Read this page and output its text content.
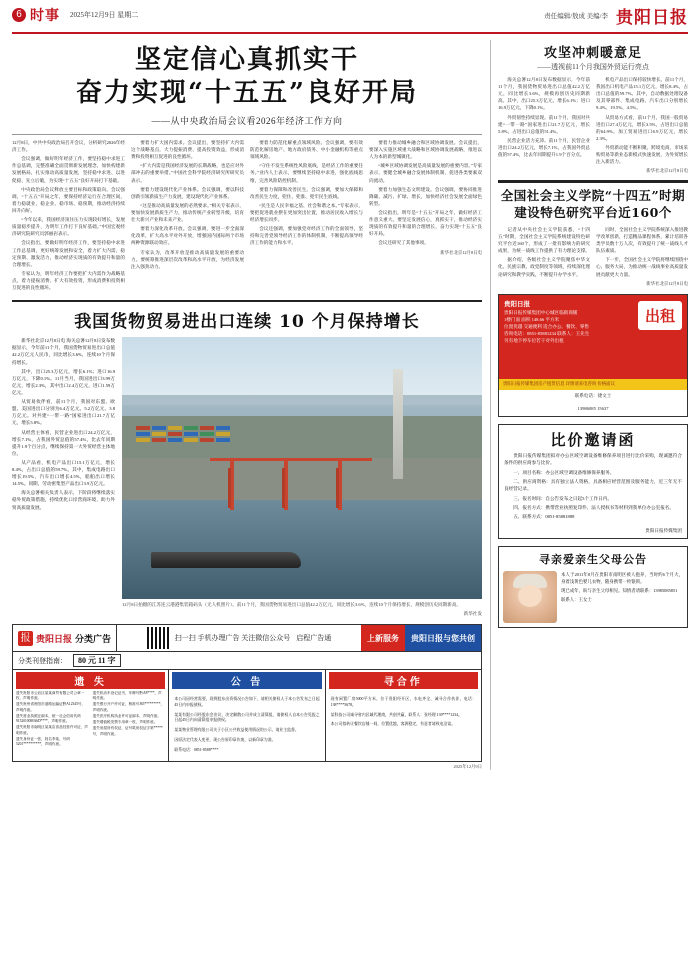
6 时事 2025年12月9日 星期二	责任编辑/敖成 美编/李 贵阳日报
坚定信心真抓实干
奋力实现“十五五”良好开局
——从中央政治局会议看2026年经济工作方向

12月8日，中共中央政治局召开会议，分析研究2026年经济工作。

会议强调，做好明年经济工作，要坚持稳中求进工作总基调，完整准确全面贯彻新发展理念，加快构建新发展格局，扎实推动高质量发展，坚持稳中求进、以进促稳、先立后破，为实现“十五五”良好开局打下基础。

中央政治局会议释放主要目标和政策取向。会议强调，“十五五”开局之年，要保持经济运行在合理区间，着力稳就业、稳企业、稳市场、稳预期，推动经济持续回升向好。

“今年以来，我国经济顶住压力实现较好增长，发展质量稳步提升，为明年工作打下良好基础。”中国宏观经济研究院研究员郭丽岩表示。

会议指出，要做好明年经济工作，要坚持稳中求进工作总基调，更好统筹发展和安全，着力扩大内需、稳定预期、激发活力，推动经济实现质的有效提升和量的合理增长。

专家认为，明年经济工作要把扩大内需作为战略基点，着力提振消费、扩大有效投资，形成消费和投资相互促进的良性循环。

要着力扩大国内需求。会议提出，要坚持扩大内需这个战略基点，大力提振消费、提高投资效益，形成消费和投资相互促进的良性循环。

“扩大内需是我国经济发展的长期战略，也是应对外部冲击的重要举措。”中国社会科学院经济研究所研究员表示。

要着力建设现代化产业体系。会议强调，要以科技创新引领新质生产力发展，建设现代化产业体系。

“这是推动高质量发展的必然要求。”相关专家表示，要加快发展新质生产力，推动传统产业转型升级，培育壮大新兴产业和未来产业。

要着力深化改革开放。会议强调，要进一步全面深化改革，扩大高水平对外开放，增强国内国际两个市场两种资源联动效应。

专家认为，改革开放是推动高质量发展的重要动力。要统筹推进深层次改革和高水平开放，为经济发展注入强劲动力。

要着力防范化解重点领域风险。会议强调，要有效防范化解房地产、地方政府债务、中小金融机构等重点领域风险。

“守住不发生系统性风险底线，是经济工作的重要任务。”业内人士表示，要继续坚持稳中求进，强化底线思维，完善风险防控机制。

要着力保障和改善民生。会议强调，要加大保障和改善民生力度，兜住、兜准、兜牢民生底线。

“民生是人民幸福之基、社会和谐之本。”专家表示，要把促进就业摆在更加突出位置，推动居民收入增长与经济增长同步。

会议还强调，要加强党对经济工作的全面领导，坚持和完善党领导经济工作的体制机制，不断提高领导经济工作的能力和水平。

要着力推动城乡融合和区域协调发展。会议提出，要深入实施区域重大战略和区域协调发展战略，推进以人为本的新型城镇化。

“城乡区域协调发展是高质量发展的重要内容。”专家表示，要健全城乡融合发展体制机制，促进各类要素双向流动。

要着力加强生态文明建设。会议强调，要协同推进降碳、减污、扩绿、增长，加快经济社会发展全面绿色转型。

会议指出，明年是“十五五”开局之年，做好经济工作意义重大。要坚定发展信心，真抓实干，推动经济实现质的有效提升和量的合理增长，奋力实现“十五五”良好开局。

会议还研究了其他事项。

新华社北京12月8日电
我国货物贸易进出口连续 10 个月保持增长

新华社北京12月8日电 海关总署12月8日发布数据显示，今年前11个月，我国货物贸易进出口总值42.2万亿元人民币，同比增长3.6%，连续10个月保持增长。

其中，出口25.3万亿元，增长6.1%；进口16.9万亿元，下降0.1%。11月当月，我国进出口3.99万亿元，增长2.3%，其中出口2.4万亿元，进口1.59万亿元。

从贸易伙伴看，前11个月，我国对东盟、欧盟、美国进出口分别为6.4万亿元、5.2万亿元、3.8万亿元。对共建“一带一路”国家进出口21.7万亿元，增长5.8%。

从经营主体看，民营企业进出口24.2万亿元，增长7.1%，占我国外贸总值的57.4%，比去年同期提升1.9个百分点，继续保持第一大外贸经营主体地位。

从产品看，机电产品出口15.1万亿元，增长8.4%，占出口总值的59.7%。其中，集成电路出口增长19.5%，汽车出口增长4.5%，船舶出口增长14.5%。同期，劳动密集型产品出口3.9万亿元。

海关总署相关负责人表示，下阶段将继续落实稳外贸政策措施，持续优化口岸营商环境，助力外贸高质量发展。

12月8日拍摄的江苏连云港港集装箱码头（无人机照片）。前11个月，我国货物贸易进出口总值42.2万亿元，同比增长3.6%，连续10个月保持增长，规模创历史同期新高。
新华社发
报 贵阳日报 分类广告	扫一扫 手机办理广告 关注微信公众号 启程广告通	上新服务	贵阳日报与您共创
分类刊登指南：	80 元 11 字
遗 失

遗失贵阳市云岩区某某商贸有限公司公章一枚，声明作废。

遗失贵州省贵阳市道路运输证黔A12345号，声明作废。

遗失营业执照正副本，统一社会信用代码91520100MA6D****，声明作废。

遗失贵阳市南明区某某店食品经营许可证，声明作废。

遗失身份证一张，姓名李某，号码5201**********，声明作废。

遗失机动车登记证书，车牌号黔A8****，声明作废。

遗失银行开户许可证，核准号J65*********，声明作废。

遗失医疗机构执业许可证副本，声明作废。

遗失增值税发票专用章一枚，声明作废。

遗失房屋所有权证，证号筑房权证字第*****号，声明作废。

公 告

本公司因经营需要，现将股东出资情况公告如下，请相关债权人于本公告发布之日起45日内申报债权。

某某有限公司经股东会决议，决定解散公司并成立清算组，请债权人自本公告见报之日起45日内向清算组申报债权。

某某物业管理有限公司关于小区公共收益使用情况的公示，请业主监督。

因原法定代表人变更，现公告原印章作废，以新印章为准。

联系电话：0851-8588****

寻合作

现有闲置厂房5000平方米，位于贵阳经开区，水电齐全，诚寻合作伙伴，电话：138****5678。

某科技公司诚寻省内区域代理商，共创共赢，联系人：张经理 139****1234。

本公司拟转让餐饮店铺一间，位置优越，客源稳定，有意者请致电洽谈。

2025年12月9日
攻坚冲刺暖意足
——透视前11个月我国外贸运行亮点

海关总署12月8日发布数据显示，今年前11个月，我国货物贸易进出口总值42.2万亿元，同比增长3.6%，规模再创历史同期新高。其中，出口25.3万亿元，增长6.1%；进口16.9万亿元，下降0.1%。

外贸韧性持续显现。前11个月，我国对共建“一带一路”国家进出口21.7万亿元，增长5.8%，占进出口总值的51.4%。

民营企业活力充沛。前11个月，民营企业进出口24.2万亿元，增长7.1%，占我国外贸总值的57.4%，比去年同期提升1.9个百分点。

机电产品出口保持较快增长。前11个月，我国出口机电产品15.1万亿元，增长8.4%，占出口总值的59.7%。其中，自动数据处理设备及其零部件、集成电路、汽车出口分别增长9.4%、19.5%、4.5%。

从贸易方式看，前11个月，我国一般贸易进出口27.4万亿元，增长3.5%，占进出口总值的64.9%。加工贸易进出口6.9万亿元，增长2.3%。

外贸新动能不断积聚。跨境电商、市场采购贸易等新业态新模式快速发展，为外贸增长注入新活力。

新华社北京12月8日电
全国社会主义学院“十四五”时期
建设特色研究平台近160个

记者从中央社会主义学院获悉，“十四五”时期，全国社会主义学院系统建设特色研究平台近160个，形成了一批有影响力的研究成果，为统一战线工作提供了有力理论支撑。

据介绍，各级社会主义学院聚焦中华文化、民族宗教、政党制度等领域，持续深化理论研究和教学实践，不断提升办学水平。

同时，全国社会主义学院系统深入推进教学改革创新，打造精品课程体系，累计培训各类学员数十万人次，有效提升了统一战线人才队伍素质。

下一步，全国社会主义学院将继续围绕中心、服务大局，为推动统一战线事业高质量发展贡献更大力量。

新华社北京12月8日电
出租
贵阳日报
贵阳日报传媒集团中心城区临街商铺
1楼门面 面积 148.66 平方米
位置优越 交通便利 适合办公、餐饮、零售
咨询电话：0851-85881234 联系人：王先生
另有地下停车位若干对外出租
贵阳日报传媒集团房产租赁信息 详情请来电咨询 价格面议
联系电话：捷文士
13986085 15637
比价邀请函

贵阳日报传媒集团拟对办公区域空调设备维修保养项目进行比价采购，现诚邀符合条件的供应商参与比价。

一、项目名称：办公区域空调设备维修保养服务。

二、供应商资格：具有独立法人资格，具备相应经营范围及服务能力，近三年无不良经营记录。

三、报名时间：自公告发布之日起5个工作日内。

四、报名方式：携带营业执照复印件、法人授权书等材料到我单位办公室报名。

五、联系方式：0851-85881888

贵阳日报传媒集团
寻亲爱亲生父母公告

本人于2011年8月在贵阳市南明区被人抱养，当时约6个月大，身着浅黄色婴儿衣物，随身携带一枚银锁。

现已成年，盼与亲生父母相见。知情者请联系：13985085851

联系人：王女士
